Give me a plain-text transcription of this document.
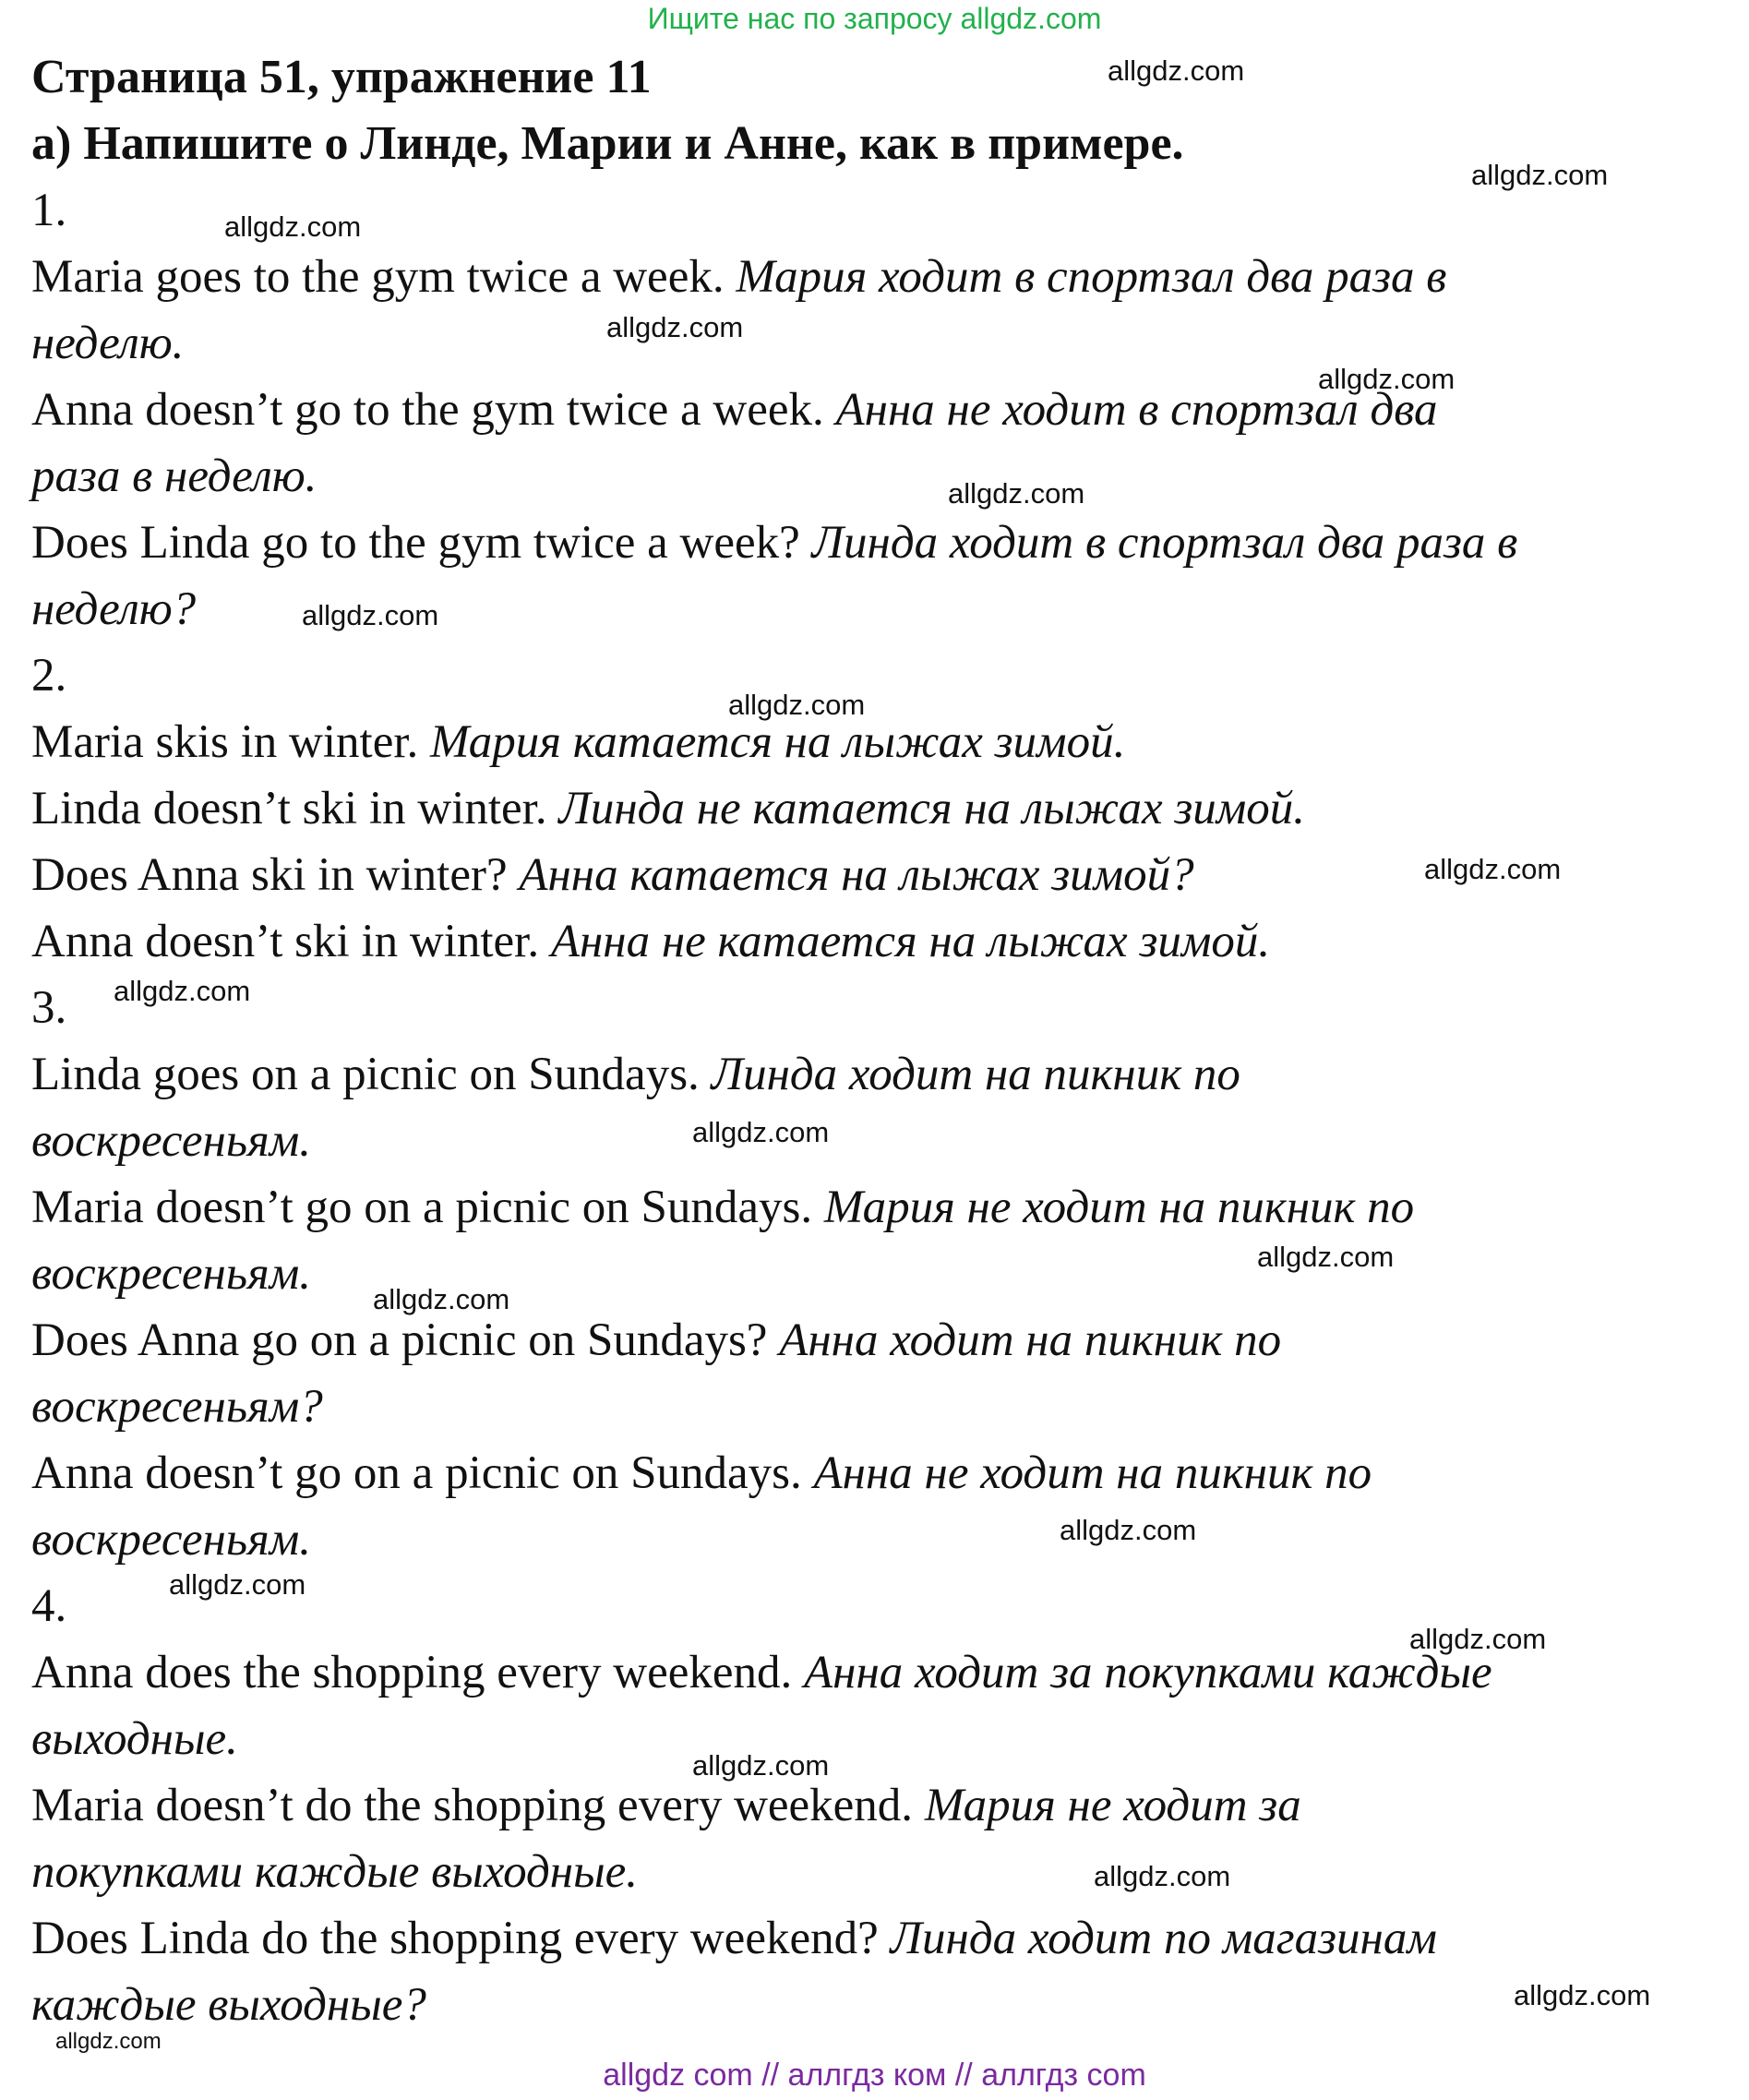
Ищите нас по запросу allgdz.com
Страница 51, упражнение 11
а) Напишите о Линде, Марии и Анне, как в примере.
1.
Maria goes to the gym twice a week. Мария ходит в спортзал два раза в
неделю.
Anna doesn’t go to the gym twice a week. Анна не ходит в спортзал два
раза в неделю.
Does Linda go to the gym twice a week? Линда ходит в спортзал два раза в
неделю?
2.
Maria skis in winter. Мария катается на лыжах зимой.
Linda doesn’t ski in winter. Линда не катается на лыжах зимой.
Does Anna ski in winter? Анна катается на лыжах зимой?
Anna doesn’t ski in winter. Анна не катается на лыжах зимой.
3.
Linda goes on a picnic on Sundays. Линда ходит на пикник по
воскресеньям.
Maria doesn’t go on a picnic on Sundays. Мария не ходит на пикник по
воскресеньям.
Does Anna go on a picnic on Sundays? Анна ходит на пикник по
воскресеньям?
Anna doesn’t go on a picnic on Sundays. Анна не ходит на пикник по
воскресеньям.
4.
Anna does the shopping every weekend. Анна ходит за покупками каждые
выходные.
Maria doesn’t do the shopping every weekend. Мария не ходит за
покупками каждые выходные.
Does Linda do the shopping every weekend? Линда ходит по магазинам
каждые выходные?
allgdz.com
allgdz.com
allgdz.com
allgdz.com
allgdz.com
allgdz.com
allgdz.com
allgdz.com
allgdz.com
allgdz.com
allgdz.com
allgdz.com
allgdz.com
allgdz.com
allgdz.com
allgdz.com
allgdz.com
allgdz.com
allgdz.com
allgdz.com
allgdz com // аллгдз ком // аллгдз com
